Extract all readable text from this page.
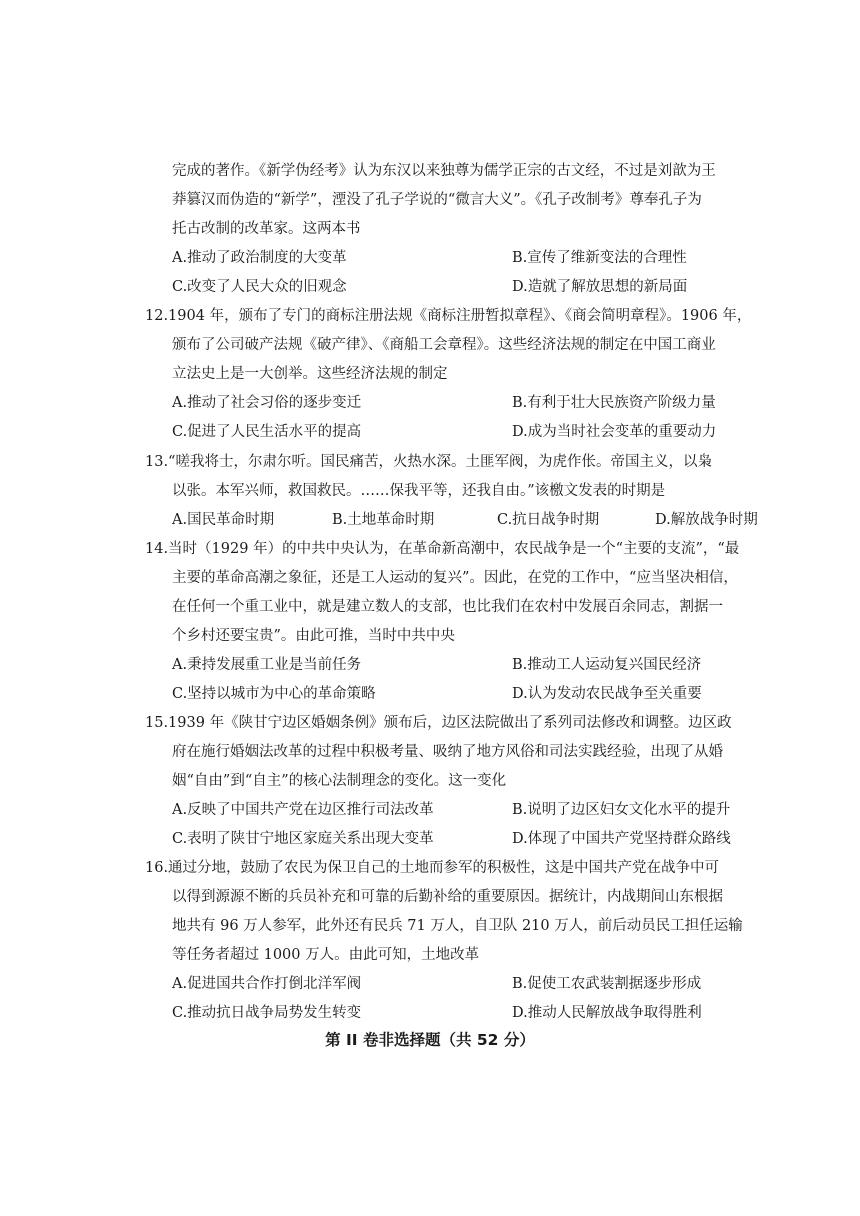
完成的著作。《新学伪经考》认为东汉以来独尊为儒学正宗的古文经，不过是刘歆为王
莽篡汉而伪造的“新学”，湮没了孔子学说的“微言大义”。《孔子改制考》尊奉孔子为
托古改制的改革家。这两本书
A.推动了政治制度的大变革	B.宣传了维新变法的合理性
C.改变了人民大众的旧观念	D.造就了解放思想的新局面
12.1904 年，颁布了专门的商标注册法规《商标注册暂拟章程》、《商会简明章程》。1906 年，
颁布了公司破产法规《破产律》、《商船工会章程》。这些经济法规的制定在中国工商业
立法史上是一大创举。这些经济法规的制定
A.推动了社会习俗的逐步变迁	B.有利于壮大民族资产阶级力量
C.促进了人民生活水平的提高	D.成为当时社会变革的重要动力
13.“嗟我将士，尔肃尔听。国民痛苦，火热水深。土匪军阀，为虎作伥。帝国主义，以枭
以张。本军兴师，救国救民。……保我平等，还我自由。”该檄文发表的时期是
A.国民革命时期	B.土地革命时期	C.抗日战争时期	D.解放战争时期
14.当时（1929 年）的中共中央认为，在革命新高潮中，农民战争是一个“主要的支流”，“最
主要的革命高潮之象征，还是工人运动的复兴”。因此，在党的工作中，“应当坚决相信，
在任何一个重工业中，就是建立数人的支部，也比我们在农村中发展百余同志，割据一
个乡村还要宝贵”。由此可推，当时中共中央
A.秉持发展重工业是当前任务	B.推动工人运动复兴国民经济
C.坚持以城市为中心的革命策略	D.认为发动农民战争至关重要
15.1939 年《陕甘宁边区婚姻条例》颁布后，边区法院做出了系列司法修改和调整。边区政
府在施行婚姻法改革的过程中积极考量、吸纳了地方风俗和司法实践经验，出现了从婚
姻“自由”到“自主”的核心法制理念的变化。这一变化
A.反映了中国共产党在边区推行司法改革	B.说明了边区妇女文化水平的提升
C.表明了陕甘宁地区家庭关系出现大变革	D.体现了中国共产党坚持群众路线
16.通过分地，鼓励了农民为保卫自己的土地而参军的积极性，这是中国共产党在战争中可
以得到源源不断的兵员补充和可靠的后勤补给的重要原因。据统计，内战期间山东根据
地共有 96 万人参军，此外还有民兵 71 万人，自卫队 210 万人，前后动员民工担任运输
等任务者超过 1000 万人。由此可知，土地改革
A.促进国共合作打倒北洋军阀	B.促使工农武装割据逐步形成
C.推动抗日战争局势发生转变	D.推动人民解放战争取得胜利
第 II 卷非选择题（共 52 分）
